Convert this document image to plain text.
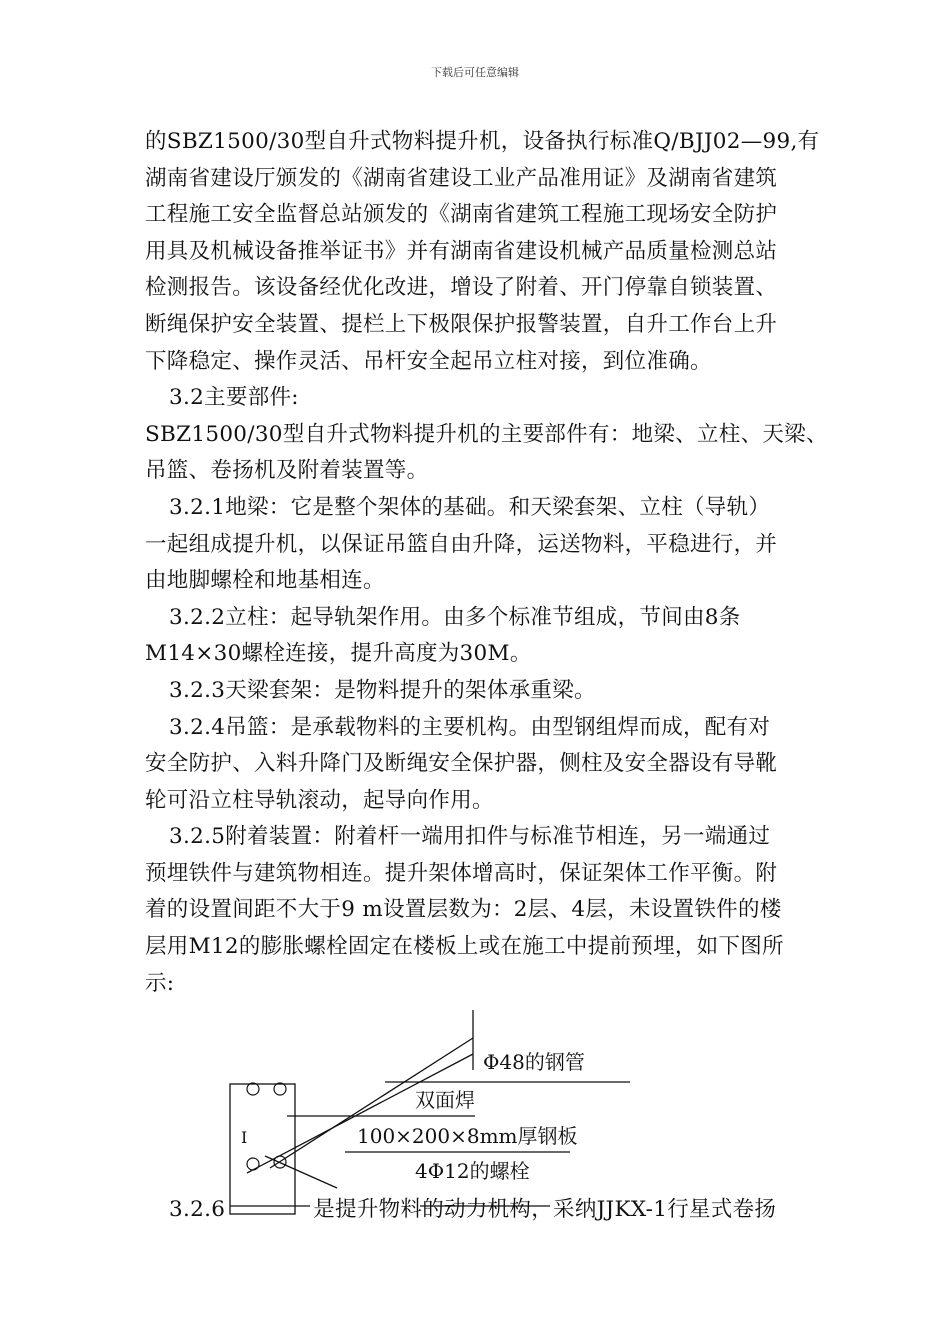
下载后可任意编辑
的SBZ1500/30型自升式物料提升机，设备执行标准Q/BJJ02—99,有
湖南省建设厅颁发的《湖南省建设工业产品准用证》及湖南省建筑
工程施工安全监督总站颁发的《湖南省建筑工程施工现场安全防护
用具及机械设备推举证书》并有湖南省建设机械产品质量检测总站
检测报告。该设备经优化改进，增设了附着、开门停靠自锁装置、
断绳保护安全装置、提栏上下极限保护报警装置，自升工作台上升
下降稳定、操作灵活、吊杆安全起吊立柱对接，到位准确。
3.2主要部件:
SBZ1500/30型自升式物料提升机的主要部件有：地梁、立柱、天梁、
吊篮、卷扬机及附着装置等。
3.2.1地梁：它是整个架体的基础。和天梁套架、立柱（导轨）
一起组成提升机，以保证吊篮自由升降，运送物料，平稳进行，并
由地脚螺栓和地基相连。
3.2.2立柱：起导轨架作用。由多个标准节组成，节间由8条
M14×30螺栓连接，提升高度为30M。
3.2.3天梁套架：是物料提升的架体承重梁。
3.2.4吊篮：是承载物料的主要机构。由型钢组焊而成，配有对
安全防护、入料升降门及断绳安全保护器，侧柱及安全器设有导靴
轮可沿立柱导轨滚动，起导向作用。
3.2.5附着装置：附着杆一端用扣件与标准节相连，另一端通过
预埋铁件与建筑物相连。提升架体增高时，保证架体工作平衡。附
着的设置间距不大于9 m设置层数为：2层、4层，未设置铁件的楼
层用M12的膨胀螺栓固定在楼板上或在施工中提前预埋，如下图所
示:
Φ48的钢管
双面焊
100×200×8mm厚钢板
4Φ12的螺栓
I
3.2.6	是提升物料的动力机构，采纳JJKX-1行星式卷扬
